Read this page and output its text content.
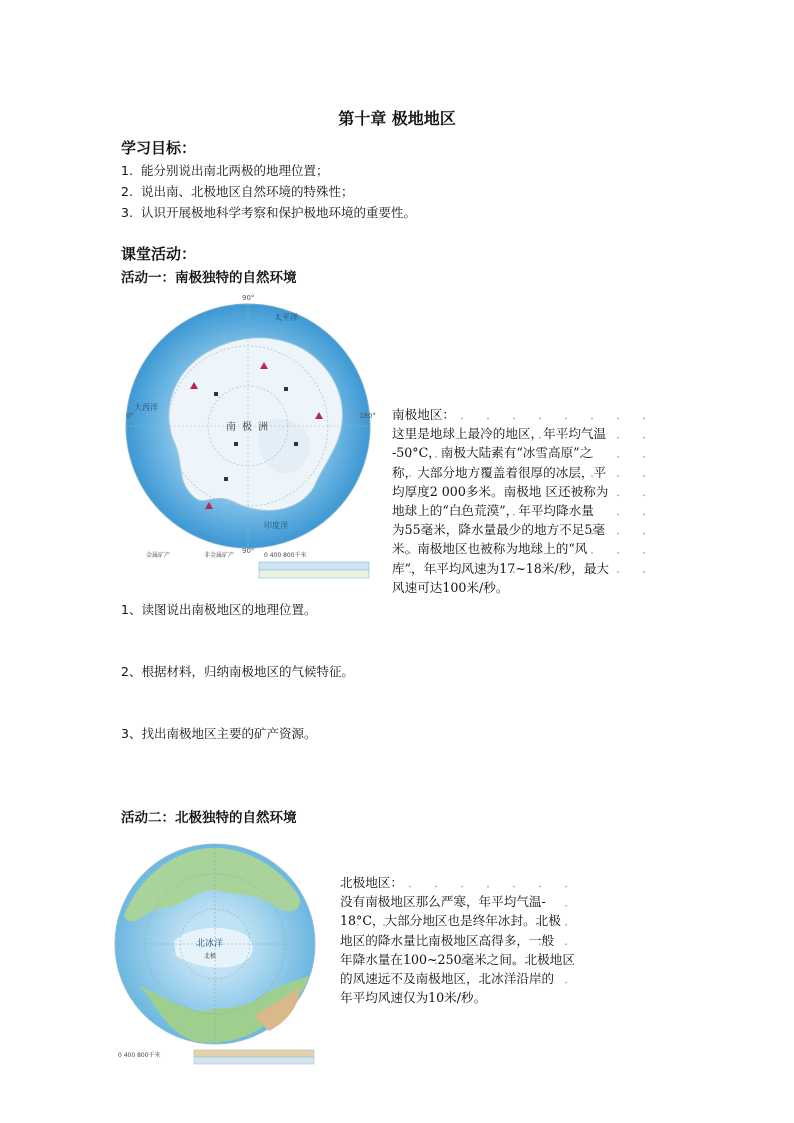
第十章 极地地区
学习目标：
1. 能分别说出南北两极的地理位置；
2. 说出南、北极地区自然环境的特殊性；
3. 认识开展极地科学考察和保护极地环境的重要性。
课堂活动：
活动一：南极独特的自然环境
90°
0°	180°
90°
南极洲
太平洋
大西洋
印度洋
金属矿产	非金属矿产	0 400 800千米
南极地区：
这里是地球上最冷的地区，年平均气温
-50°C，南极大陆素有“冰雪高原”之
称，大部分地方覆盖着很厚的冰层，平
均厚度2 000多米。南极地 区还被称为
地球上的“白色荒漠”，年平均降水量
为55毫米，降水量最少的地方不足5毫
米。南极地区也被称为地球上的“风
库”，年平均风速为17~18米/秒，最大
风速可达100米/秒。
1、读图说出南极地区的地理位置。
2、根据材料，归纳南极地区的气候特征。
3、找出南极地区主要的矿产资源。
活动二：北极独特的自然环境
北冰洋
北极
0 400 800千米
北极地区：
没有南极地区那么严寒，年平均气温-
18°C，大部分地区也是终年冰封。北极
地区的降水量比南极地区高得多，一般
年降水量在100~250毫米之间。北极地区
的风速远不及南极地区，北冰洋沿岸的
年平均风速仅为10米/秒。
